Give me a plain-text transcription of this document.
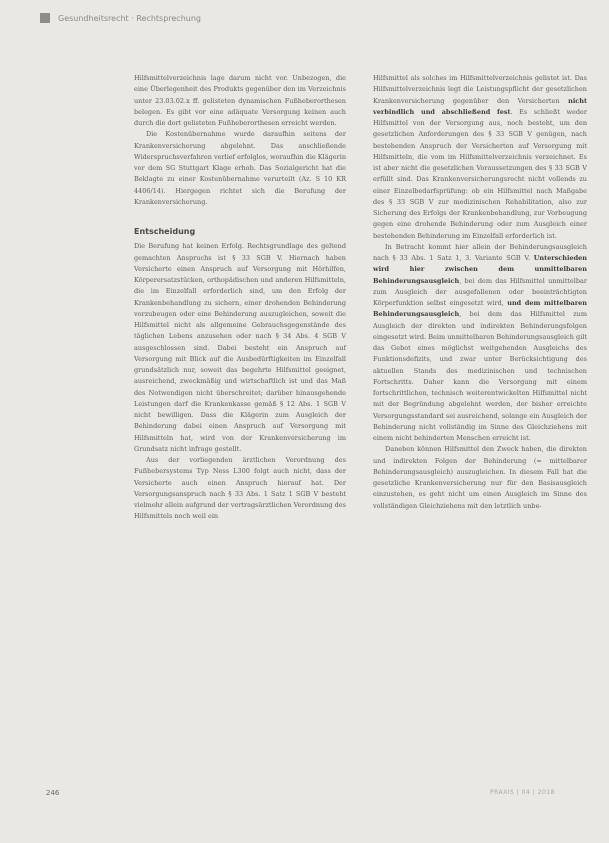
Gesundheitsrecht · Rechtsprechung

Hilfsmittelverzeichnis lage darum nicht vor. Unbezogen, die eine Überlegenheit des Produkts gegenüber den im Verzeichnis unter 23.03.02.x ff. gelisteten dynamischen Fußheberorthesen belegen. Es gibt vor eine adäquate Versorgung keinen auch durch die dort gelisteten Fußheberorthesen erreicht werden.

Die Kostenübernahme wurde daraufhin seitens der Krankenversicherung abgelehnt. Das anschließende Widerspruchsverfahren verlief erfolglos, woraufhin die Klägerin vor dem SG Stuttgart Klage erhob. Das Sozialgericht hat die Beklagte zu einer Kostenübernahme verurteilt (Az. S 10 KR 4406/14). Hiergegen richtet sich die Berufung der Krankenversicherung.

Entscheidung

Die Berufung hat keinen Erfolg. Rechtsgrundlage des geltend gemachten Anspruchs ist § 33 SGB V. Hiernach haben Versicherte einen Anspruch auf Versorgung mit Hörhilfen, Körperersatzstücken, orthopädischen und anderen Hilfsmitteln, die im Einzelfall erforderlich sind, um den Erfolg der Krankenbehandlung zu sichern, einer drohenden Behinderung vorzubeugen oder eine Behinderung auszugleichen, soweit die Hilfsmittel nicht als allgemeine Gebrauchsgegenstände des täglichen Lebens anzusehen oder nach § 34 Abs. 4 SGB V ausgeschlossen sind. Dabei besteht ein Anspruch auf Versorgung mit Blick auf die Ausbedürftigkeiten im Einzelfall grundsätzlich nur, soweit das begehrte Hilfsmittel geeignet, ausreichend, zweckmäßig und wirtschaftlich ist und das Maß des Notwendigen nicht überschreitet; darüber hinausgehende Leistungen darf die Krankenkasse gemäß § 12 Abs. 1 SGB V nicht bewilligen. Dass die Klägerin zum Ausgleich der Behinderung dabei einen Anspruch auf Versorgung mit Hilfsmitteln hat, wird von der Krankenversicherung im Grundsatz nicht infrage gestellt.

Aus der vorliegenden ärztlichen Verordnung des Fußhebersystems Typ Ness L300 folgt auch nicht, dass der Versicherte auch einen Anspruch hierauf hat. Der Versorgungsanspruch nach § 33 Abs. 1 Satz 1 SGB V besteht vielmehr allein aufgrund der vertragsärztlichen Verordnung des Hilfsmittels noch weil ein

Hilfsmittel als solches im Hilfsmittelverzeichnis gelistet ist. Das Hilfsmittelverzeichnis legt die Leistungspflicht der gesetzlichen Krankenversicherung gegenüber den Versicherten nicht verbindlich und abschließend fest. Es schließt weder Hilfsmittel von der Versorgung aus, noch besteht, um den gesetzlichen Anforderungen des § 33 SGB V genügen, nach bestehenden Anspruch der Versicherten auf Versorgung mit Hilfsmitteln, die vom im Hilfsmittelverzeichnis verzeichnet. Es ist aber nicht die gesetzlichen Voraussetzungen des § 33 SGB V erfüllt sind. Das Krankenversicherungsrecht nicht vollends zu einer Einzelbedarfsprüfung: ob ein Hilfsmittel nach Maßgabe des § 33 SGB V zur medizinischen Rehabilitation, also zur Sicherung des Erfolgs der Krankenbehandlung, zur Vorbeugung gegen eine drohende Behinderung oder zum Ausgleich einer bestehenden Behinderung im Einzelfall erforderlich ist.

In Betracht kommt hier allein der Behinderungsausgleich nach § 33 Abs. 1 Satz 1, 3. Variante SGB V. Unterschieden wird hier zwischen dem unmittelbaren Behinderungsausgleich, bei dem das Hilfsmittel unmittelbar zum Ausgleich der ausgefallenen oder beeinträchtigten Körperfunktion selbst eingesetzt wird, und dem mittelbaren Behinderungsausgleich, bei dem das Hilfsmittel zum Ausgleich der direkten und indirekten Behinderungsfolgen eingesetzt wird. Beim unmittelbaren Behinderungsausgleich gilt das Gebot eines möglichst weitgehenden Ausgleichs des Funktionsdefizits, und zwar unter Berücksichtigung des aktuellen Stands des medizinischen und technischen Fortschritts. Daher kann die Versorgung mit einem fortschrittlichen, technisch weiterentwickelten Hilfsmittel nicht mit der Begründung abgelehnt werden, der bisher erreichte Versorgungsstandard sei ausreichend, solange ein Ausgleich der Behinderung nicht vollständig im Sinne des Gleichziehens mit einem nicht behinderten Menschen erreicht ist.

Daneben können Hilfsmittel den Zweck haben, die direkten und indirekten Folgen der Behinderung (= mittelbarer Behinderungsausgleich) auszugleichen. In diesem Fall hat die gesetzliche Krankenversicherung nur für den Basisausgleich einzustehen, es geht nicht um einen Ausgleich im Sinne des vollständigen Gleichziehens mit den letztlich unbe-

246	PRAXIS | 04 | 2018
